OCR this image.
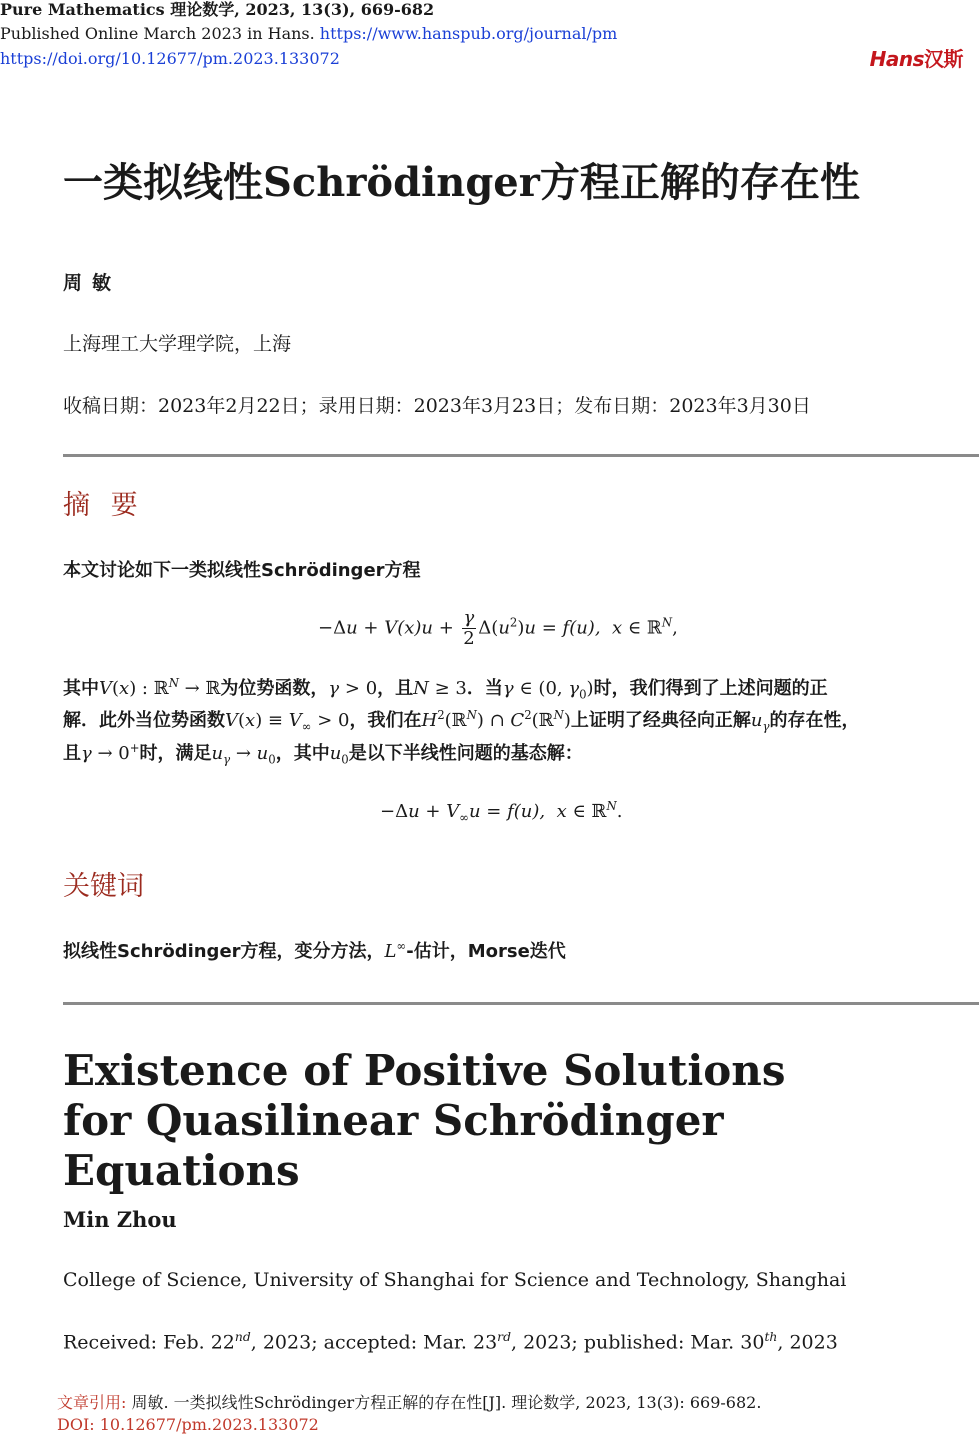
Pure Mathematics 理论数学, 2023, 13(3), 669-682
Published Online March 2023 in Hans. https://www.hanspub.org/journal/pm
https://doi.org/10.12677/pm.2023.133072	Hans汉斯
一类拟线性Schrödinger方程正解的存在性
周敏
上海理工大学理学院，上海
收稿日期：2023年2月22日；录用日期：2023年3月23日；发布日期：2023年3月30日
摘 要
本文讨论如下一类拟线性Schrödinger方程
$-\Delta u + V(x)u + \frac{\gamma}{2} \Delta(u^2)u = f(u)$,  x ∈ ℝ$^N$,
其中V(x) : ℝ$^N$ → ℝ为位势函数，γ > 0，且N ≥ 3．当γ ∈ (0, $\gamma_0$)时，我们得到了上述问题的正
解．此外当位势函数$V(x) \equiv V_\infty > 0$，我们在$H^2(ℝ^N)$ ∩ $C^2(ℝ^N)$上证明了经典径向正解$u_\gamma$的存在性，
且γ → 0+时，满足$u_\gamma \to u_0$，其中$u_0$是以下半线性问题的基态解：
$-\Delta u + V_\infty u = f(u)$,  x ∈ ℝ$^N$.
关键词
拟线性Schrödinger方程，变分方法，L∞-估计，Morse迭代
Existence of Positive Solutions for Quasilinear Schrödinger Equations
Min Zhou
College of Science, University of Shanghai for Science and Technology, Shanghai
Received: Feb. 22nd, 2023; accepted: Mar. 23rd, 2023; published: Mar. 30th, 2023
文章引用: 周敏. 一类拟线性Schrödinger方程正解的存在性[J]. 理论数学, 2023, 13(3): 669-682.
DOI: 10.12677/pm.2023.133072
